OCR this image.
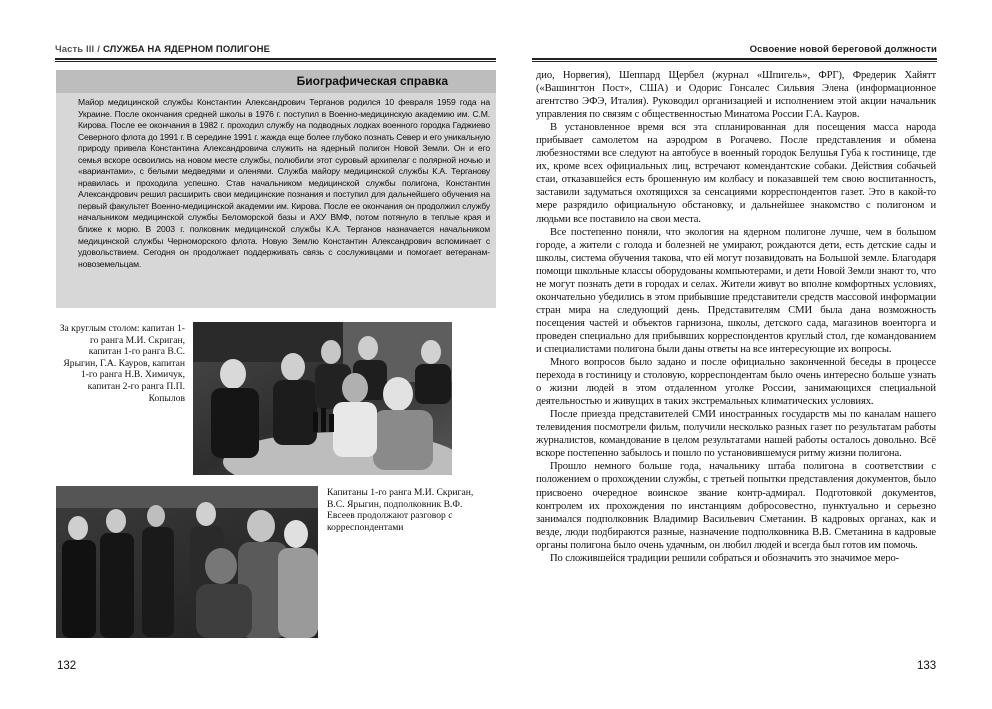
Часть III / СЛУЖБА НА ЯДЕРНОМ ПОЛИГОНЕ
Биографическая справка
Майор медицинской службы Константин Александрович Терганов родился 10 февраля 1959 года на Украине. После окончания средней школы в 1976 г. поступил в Военно-медицинскую академию им. С.М. Кирова. После ее окончания в 1982 г. проходил службу на подводных лодках военного городка Гаджиево Северного флота до 1991 г. В середине 1991 г. жажда еще более глубоко познать Север и его уникальную природу привела Константина Александровича служить на ядерный полигон Новой Земли. Он и его семья вскоре освоились на новом месте службы, полюбили этот суровый архипелаг с полярной ночью и «вариантами», с белыми медведями и оленями. Служба майору медицинской службы К.А. Терганову нравилась и проходила успешно. Став начальником медицинской службы полигона, Константин Александрович решил расширить свои медицинские познания и поступил для дальнейшего обучения на первый факультет Военно-медицинской академии им. Кирова. После ее окончания он продолжил службу начальником медицинской службы Беломорской базы и АХУ ВМФ, потом потянуло в теплые края и ближе к морю. В 2003 г. полковник медицинской службы К.А. Терганов назначается начальником медицинской службы Черноморского флота. Новую Землю Константин Александрович вспоминает с удовольствием. Сегодня он продолжает поддерживать связь с сослуживцами и помогает ветеранам-новоземельцам.
За круглым столом: капитан 1-го ранга М.И. Скриган, капитан 1-го ранга В.С. Ярыгин, Г.А. Кауров, капитан 1-го ранга Н.В. Химичук, капитан 2-го ранга П.П. Копылов
Капитаны 1-го ранга М.И. Скриган, В.С. Ярыгин, подполковник В.Ф. Евсеев продолжают разговор с корреспондентами
132
Освоение новой береговой должности

дио, Норвегия), Шеппард Щербел (журнал «Шпигель», ФРГ), Фредерик Хайятт («Вашингтон Пост», США) и Одорис Гонсалес Сильвия Элена (информационное агентство ЭФЭ, Италия). Руководил организацией и исполнением этой акции начальник управления по связям с общественностью Минатома России Г.А. Кауров.

В установленное время вся эта спланированная для посещения масса народа прибывает самолетом на аэродром в Рогачево. После представления и обмена любезностями все следуют на автобусе в военный городок Белушья Губа к гостинице, где их, кроме всех официальных лиц, встречают комендантские собаки. Действия собачьей стаи, отказавшейся есть брошенную им колбасу и показавшей тем свою воспитанность, заставили задуматься охотящихся за сенсациями корреспондентов газет. Это в какой-то мере разрядило официальную обстановку, и дальнейшее знакомство с полигоном и людьми все поставило на свои места.

Все постепенно поняли, что экология на ядерном полигоне лучше, чем в большом городе, а жители с голода и болезней не умирают, рождаются дети, есть детские сады и школы, система обучения такова, что ей могут позавидовать на Большой земле. Благодаря помощи школьные классы оборудованы компьютерами, и дети Новой Земли знают то, что не могут познать дети в городах и селах. Жители живут во вполне комфортных условиях, окончательно убедились в этом прибывшие представители средств массовой информации стран мира на следующий день. Представителям СМИ была дана возможность посещения частей и объектов гарнизона, школы, детского сада, магазинов военторга и проведен специально для прибывших корреспондентов круглый стол, где командованием и специалистами полигона были даны ответы на все интересующие их вопросы.

Много вопросов было задано и после официально законченной беседы в процессе перехода в гостиницу и столовую, корреспондентам было очень интересно больше узнать о жизни людей в этом отдаленном уголке России, занимающихся специальной деятельностью и живущих в таких экстремальных климатических условиях.

После приезда представителей СМИ иностранных государств мы по каналам нашего телевидения посмотрели фильм, получили несколько разных газет по результатам работы журналистов, командование в целом результатами нашей работы осталось довольно. Всё вскоре постепенно забылось и пошло по установившемуся ритму жизни полигона.

Прошло немного больше года, начальнику штаба полигона в соответствии с положением о прохождении службы, с третьей попытки представления документов, было присвоено очередное воинское звание контр-адмирал. Подготовкой документов, контролем их прохождения по инстанциям добросовестно, пунктуально и серьезно занимался подполковник Владимир Васильевич Сметанин. В кадровых органах, как и везде, люди подбираются разные, назначение подполковника В.В. Сметанина в кадровые органы полигона было очень удачным, он любил людей и всегда был готов им помочь.

По сложившейся традиции решили собраться и обозначить это значимое меро-

133
